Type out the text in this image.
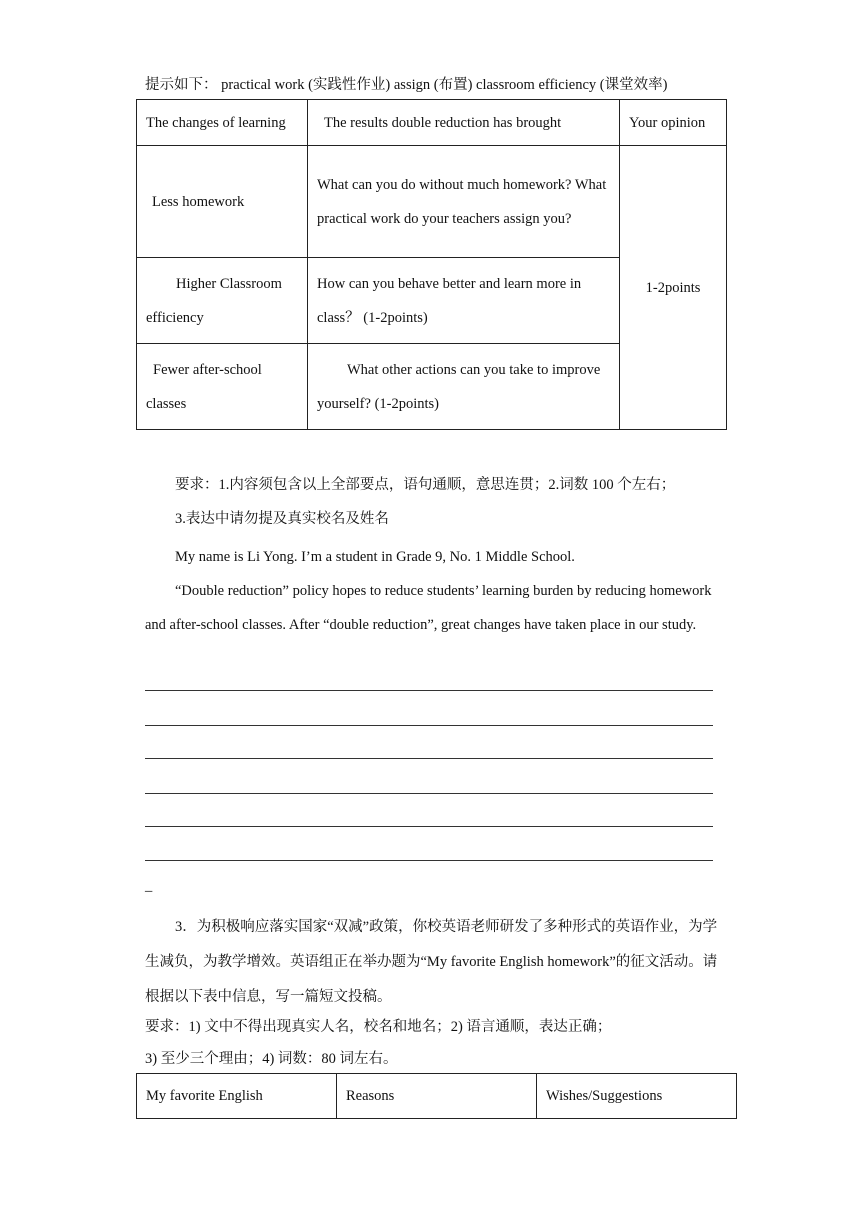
提示如下： practical work (实践性作业) assign (布置) classroom efficiency (课堂效率)
The changes of learning	The results double reduction has brought	Your opinion
Less homework	What can you do without much homework? What practical work do your teachers assign you?	1-2points
Higher Classroom efficiency	How can you behave better and learn more in class？ (1-2points)	
Fewer after-school classes	What other actions can you take to improve yourself? (1-2points)	
要求：1.内容须包含以上全部要点，语句通顺，意思连贯；2.词数 100 个左右；
3.表达中请勿提及真实校名及姓名
My name is Li Yong. I’m a student in Grade 9, No. 1 Middle School.
“Double reduction” policy hopes to reduce students’ learning burden by reducing homework and after-school classes. After “double reduction”, great changes have taken place in our study.
_
3．为积极响应落实国家“双减”政策，你校英语老师研发了多种形式的英语作业，为学生减负，为教学增效。英语组正在举办题为“My favorite English homework”的征文活动。请根据以下表中信息，写一篇短文投稿。
要求：1) 文中不得出现真实人名，校名和地名；2) 语言通顺，表达正确；
3) 至少三个理由；4) 词数：80 词左右。
My favorite English	Reasons	Wishes/Suggestions
